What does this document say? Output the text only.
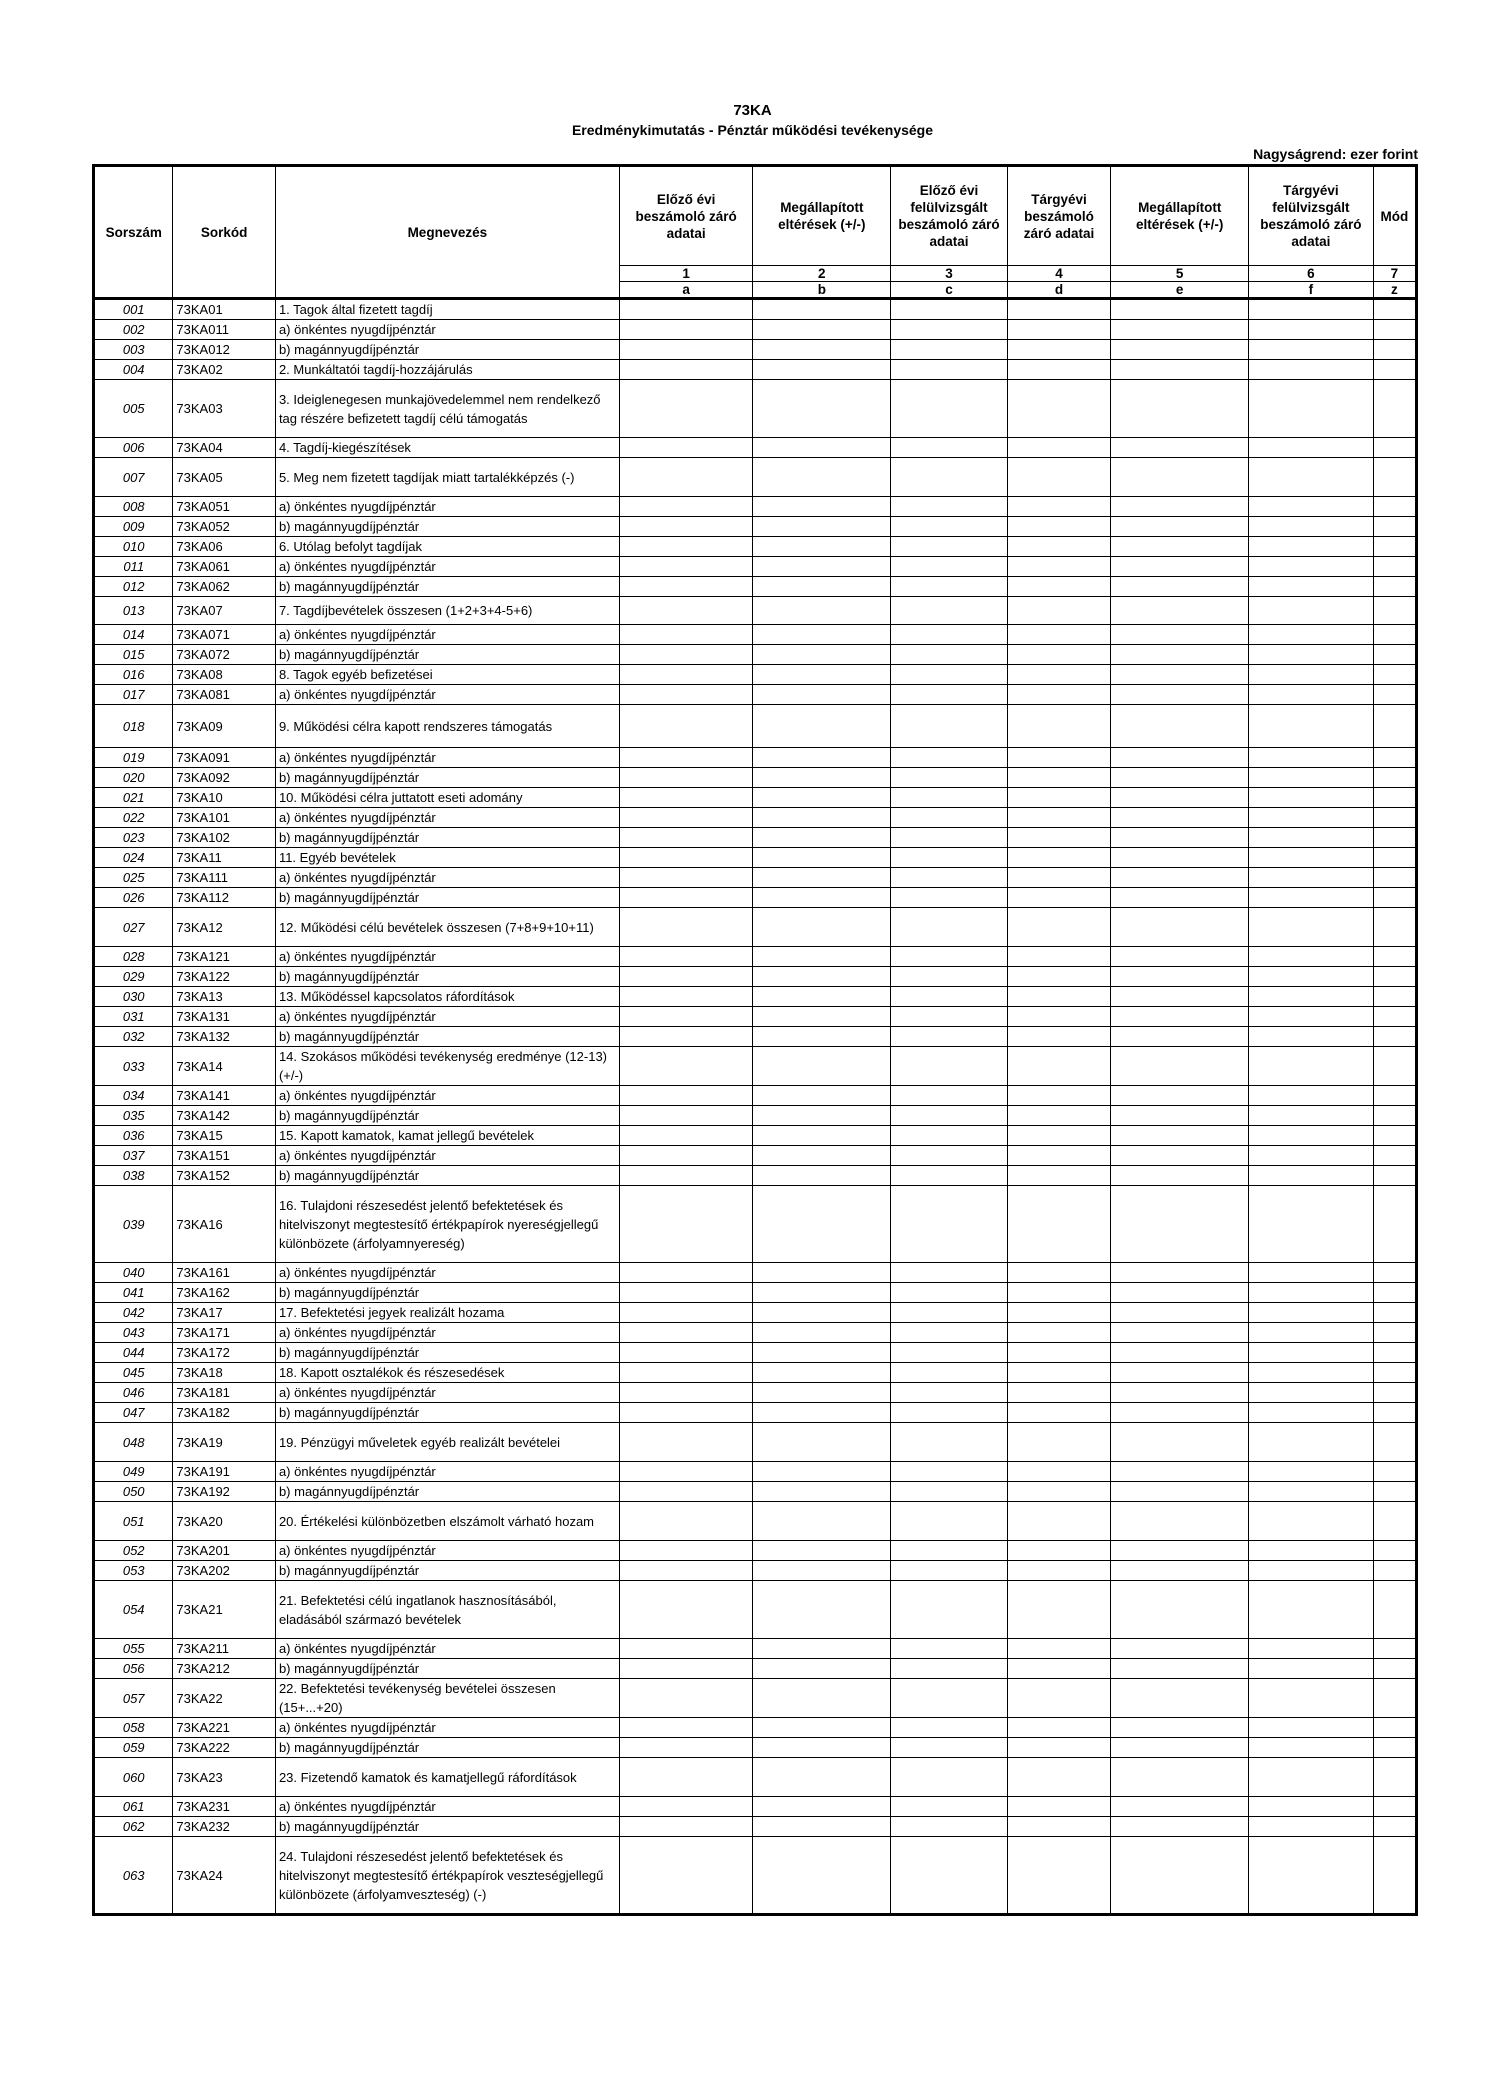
73KA
Eredménykimutatás - Pénztár működési tevékenysége
Nagyságrend: ezer forint
Sorszám	Sorkód	Megnevezés	Előző évi beszámoló záró adatai	Megállapított eltérések (+/-)	Előző évi felülvizsgált beszámoló záró adatai	Tárgyévi beszámoló záró adatai	Megállapított eltérések (+/-)	Tárgyévi felülvizsgált beszámoló záró adatai	Mód
			1	2	3	4	5	6	7
			a	b	c	d	e	f	z
001	73KA01	1. Tagok által fizetett tagdíj							
002	73KA011	a) önkéntes nyugdíjpénztár							
003	73KA012	b) magánnyugdíjpénztár							
004	73KA02	2. Munkáltatói tagdíj-hozzájárulás							
005	73KA03	3. Ideiglenegesen munkajövedelemmel nem rendelkező tag részére befizetett tagdíj célú támogatás							
006	73KA04	4. Tagdíj-kiegészítések							
007	73KA05	5. Meg nem fizetett tagdíjak miatt tartalékképzés (-)							
008	73KA051	a) önkéntes nyugdíjpénztár							
009	73KA052	b) magánnyugdíjpénztár							
010	73KA06	6. Utólag befolyt tagdíjak							
011	73KA061	a) önkéntes nyugdíjpénztár							
012	73KA062	b) magánnyugdíjpénztár							
013	73KA07	7. Tagdíjbevételek összesen (1+2+3+4-5+6)							
014	73KA071	a) önkéntes nyugdíjpénztár							
015	73KA072	b) magánnyugdíjpénztár							
016	73KA08	8. Tagok egyéb befizetései							
017	73KA081	a) önkéntes nyugdíjpénztár							
018	73KA09	9. Működési célra kapott rendszeres támogatás							
019	73KA091	a) önkéntes nyugdíjpénztár							
020	73KA092	b) magánnyugdíjpénztár							
021	73KA10	10. Működési célra juttatott eseti adomány							
022	73KA101	a) önkéntes nyugdíjpénztár							
023	73KA102	b) magánnyugdíjpénztár							
024	73KA11	11. Egyéb bevételek							
025	73KA111	a) önkéntes nyugdíjpénztár							
026	73KA112	b) magánnyugdíjpénztár							
027	73KA12	12. Működési célú bevételek összesen (7+8+9+10+11)							
028	73KA121	a) önkéntes nyugdíjpénztár							
029	73KA122	b) magánnyugdíjpénztár							
030	73KA13	13. Működéssel kapcsolatos ráfordítások							
031	73KA131	a) önkéntes nyugdíjpénztár							
032	73KA132	b) magánnyugdíjpénztár							
033	73KA14	14. Szokásos működési tevékenység eredménye (12-13) (+/-)							
034	73KA141	a) önkéntes nyugdíjpénztár							
035	73KA142	b) magánnyugdíjpénztár							
036	73KA15	15. Kapott kamatok, kamat jellegű bevételek							
037	73KA151	a) önkéntes nyugdíjpénztár							
038	73KA152	b) magánnyugdíjpénztár							
039	73KA16	16. Tulajdoni részesedést jelentő befektetések és hitelviszonyt megtestesítő értékpapírok nyereségjellegű különbözete (árfolyamnyereség)							
040	73KA161	a) önkéntes nyugdíjpénztár							
041	73KA162	b) magánnyugdíjpénztár							
042	73KA17	17. Befektetési jegyek realizált hozama							
043	73KA171	a) önkéntes nyugdíjpénztár							
044	73KA172	b) magánnyugdíjpénztár							
045	73KA18	18. Kapott osztalékok és részesedések							
046	73KA181	a) önkéntes nyugdíjpénztár							
047	73KA182	b) magánnyugdíjpénztár							
048	73KA19	19. Pénzügyi műveletek egyéb realizált bevételei							
049	73KA191	a) önkéntes nyugdíjpénztár							
050	73KA192	b) magánnyugdíjpénztár							
051	73KA20	20. Értékelési különbözetben elszámolt várható hozam							
052	73KA201	a) önkéntes nyugdíjpénztár							
053	73KA202	b) magánnyugdíjpénztár							
054	73KA21	21. Befektetési célú ingatlanok hasznosításából, eladásából származó bevételek							
055	73KA211	a) önkéntes nyugdíjpénztár							
056	73KA212	b) magánnyugdíjpénztár							
057	73KA22	22. Befektetési tevékenység bevételei összesen (15+...+20)							
058	73KA221	a) önkéntes nyugdíjpénztár							
059	73KA222	b) magánnyugdíjpénztár							
060	73KA23	23. Fizetendő kamatok és kamatjellegű ráfordítások							
061	73KA231	a) önkéntes nyugdíjpénztár							
062	73KA232	b) magánnyugdíjpénztár							
063	73KA24	24. Tulajdoni részesedést jelentő befektetések és hitelviszonyt megtestesítő értékpapírok veszteségjellegű különbözete (árfolyamveszteség) (-)							
